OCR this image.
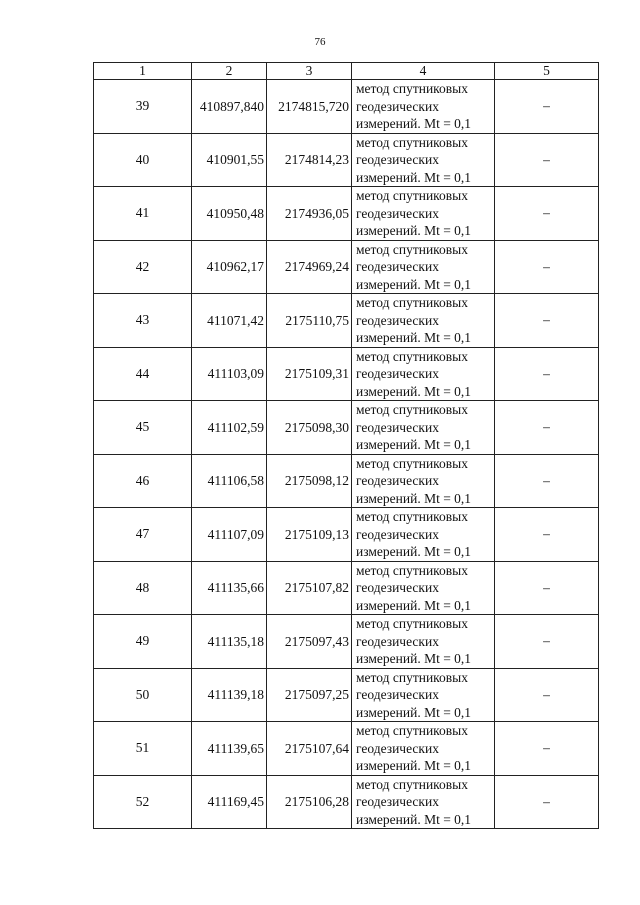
76
1	2	3	4	5
39	410897,840	2174815,720	метод спутниковых
геодезических
измерений. Mt = 0,1	–
40	410901,55	2174814,23	метод спутниковых
геодезических
измерений. Mt = 0,1	–
41	410950,48	2174936,05	метод спутниковых
геодезических
измерений. Mt = 0,1	–
42	410962,17	2174969,24	метод спутниковых
геодезических
измерений. Mt = 0,1	–
43	411071,42	2175110,75	метод спутниковых
геодезических
измерений. Mt = 0,1	–
44	411103,09	2175109,31	метод спутниковых
геодезических
измерений. Mt = 0,1	–
45	411102,59	2175098,30	метод спутниковых
геодезических
измерений. Mt = 0,1	–
46	411106,58	2175098,12	метод спутниковых
геодезических
измерений. Mt = 0,1	–
47	411107,09	2175109,13	метод спутниковых
геодезических
измерений. Mt = 0,1	–
48	411135,66	2175107,82	метод спутниковых
геодезических
измерений. Mt = 0,1	–
49	411135,18	2175097,43	метод спутниковых
геодезических
измерений. Mt = 0,1	–
50	411139,18	2175097,25	метод спутниковых
геодезических
измерений. Mt = 0,1	–
51	411139,65	2175107,64	метод спутниковых
геодезических
измерений. Mt = 0,1	–
52	411169,45	2175106,28	метод спутниковых
геодезических
измерений. Mt = 0,1	–
